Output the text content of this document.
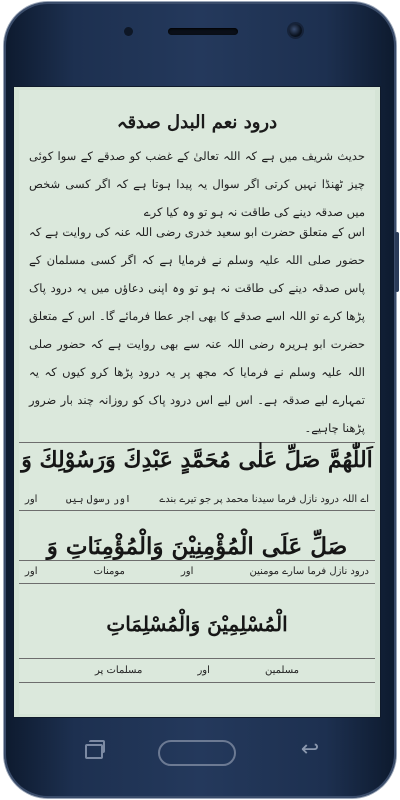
درود نعم البدل صدقہ
حدیث شریف میں ہے کہ اللہ تعالیٰ کے غضب کو صدقے کے سوا کوئی چیز ٹھنڈا نہیں کرتی اگر سوال یہ پیدا ہوتا ہے کہ اگر کسی شخص میں صدقہ دینے کی طاقت نہ ہو تو وہ کیا کرے
اس کے متعلق حضرت ابو سعید خدری رضی اللہ عنہ کی روایت ہے کہ حضور صلی اللہ علیہ وسلم نے فرمایا ہے کہ اگر کسی مسلمان کے پاس صدقہ دینے کی طاقت نہ ہو تو وہ اپنی دعاؤں میں یہ درود پاک پڑھا کرے تو اللہ اسے صدقے کا بھی اجر عطا فرمائے گا۔ اس کے متعلق حضرت ابو ہریرہ رضی اللہ عنہ سے بھی روایت ہے کہ حضور صلی اللہ علیہ وسلم نے فرمایا کہ مجھ پر یہ درود پڑھا کرو کیوں کہ یہ تمہارے لیے صدقہ ہے۔ اس لیے اس درود پاک کو روزانہ چند بار ضرور پڑھنا چاہیے۔
اَللّٰھُمَّ صَلِّ عَلٰی مُحَمَّدٍ عَبْدِكَ وَرَسُوْلِكَ وَ
اے اللہ درود نازل فرما سیدنا محمد پر جو تیرے بندے
اور رسول ہیں
اور
صَلِّ عَلَى الْمُؤْمِنِيْنَ وَالْمُؤْمِنَاتِ وَ
درود نازل فرما سارے مومنین
اور
مومنات
اور
الْمُسْلِمِيْنَ وَالْمُسْلِمَاتِ
مسلمین
اور
مسلمات پر
↩
